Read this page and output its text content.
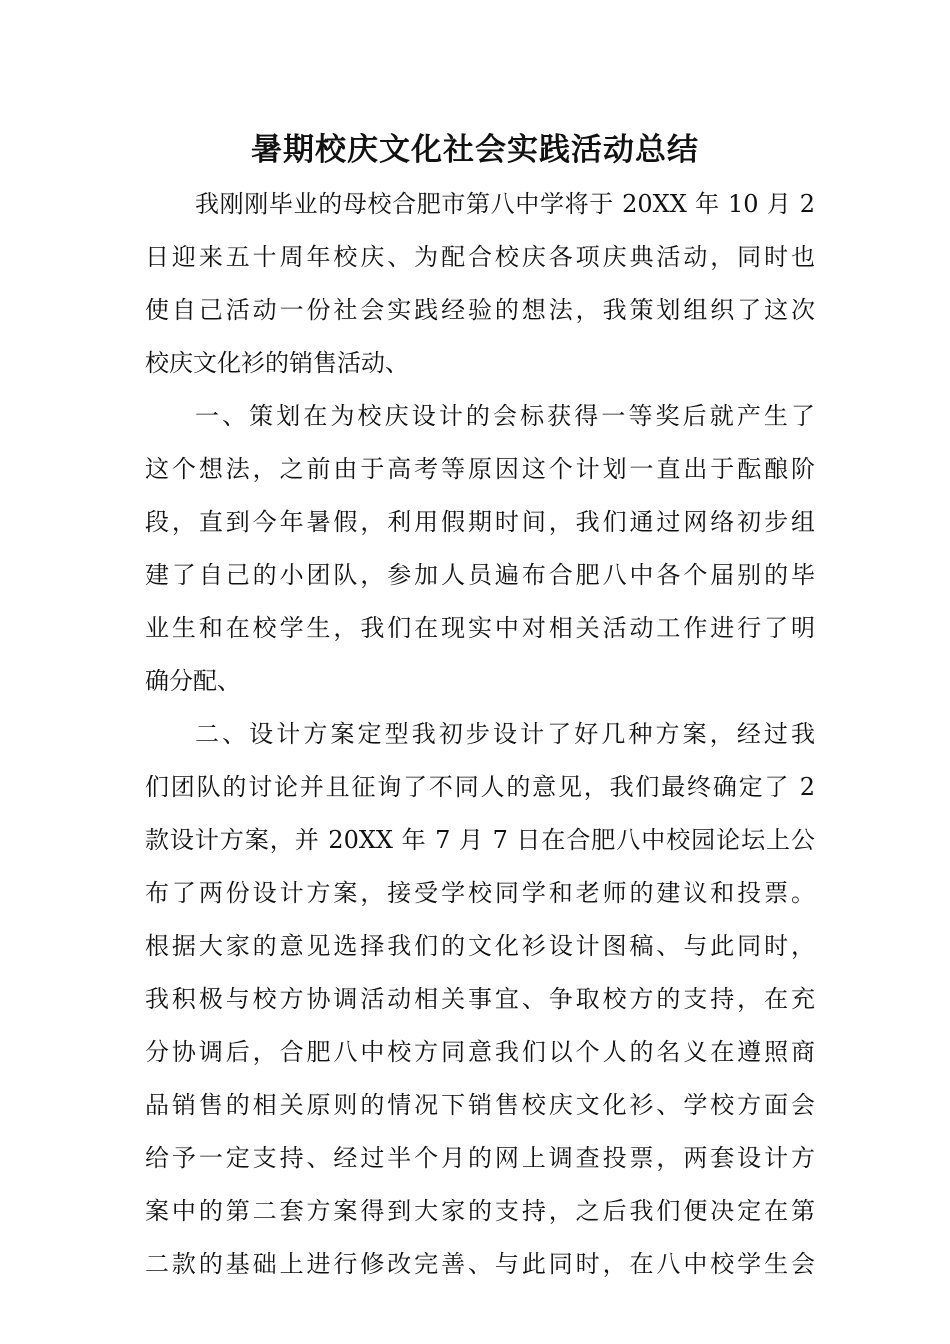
暑期校庆文化社会实践活动总结
我刚刚毕业的母校合肥市第八中学将于 20XX 年 10 月 2
日迎来五十周年校庆、为配合校庆各项庆典活动，同时也
使自己活动一份社会实践经验的想法，我策划组织了这次
校庆文化衫的销售活动、
一、策划在为校庆设计的会标获得一等奖后就产生了
这个想法，之前由于高考等原因这个计划一直出于酝酿阶
段，直到今年暑假，利用假期时间，我们通过网络初步组
建了自己的小团队，参加人员遍布合肥八中各个届别的毕
业生和在校学生，我们在现实中对相关活动工作进行了明
确分配、
二、设计方案定型我初步设计了好几种方案，经过我
们团队的讨论并且征询了不同人的意见，我们最终确定了 2
款设计方案，并 20XX 年 7 月 7 日在合肥八中校园论坛上公
布了两份设计方案，接受学校同学和老师的建议和投票。
根据大家的意见选择我们的文化衫设计图稿、与此同时，
我积极与校方协调活动相关事宜、争取校方的支持，在充
分协调后，合肥八中校方同意我们以个人的名义在遵照商
品销售的相关原则的情况下销售校庆文化衫、学校方面会
给予一定支持、经过半个月的网上调查投票，两套设计方
案中的第二套方案得到大家的支持，之后我们便决定在第
二款的基础上进行修改完善、与此同时，在八中校学生会
